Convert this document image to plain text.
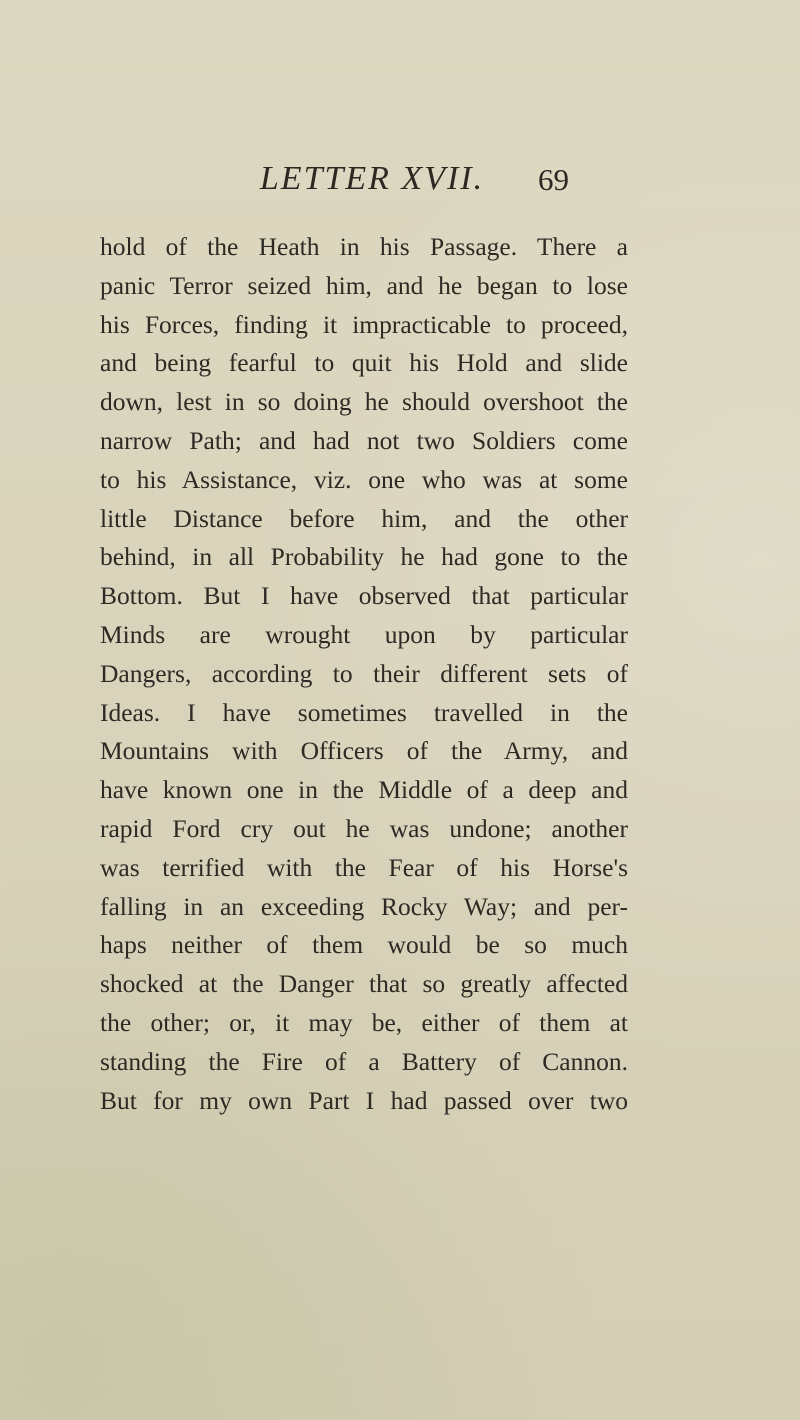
LETTER XVII. 69
hold of the Heath in his Passage. There a
panic Terror seized him, and he began to lose
his Forces, finding it impracticable to proceed,
and being fearful to quit his Hold and slide
down, lest in so doing he should overshoot the
narrow Path; and had not two Soldiers come
to his Assistance, viz. one who was at some
little Distance before him, and the other
behind, in all Probability he had gone to the
Bottom. But I have observed that particular
Minds are wrought upon by particular
Dangers, according to their different sets of
Ideas. I have sometimes travelled in the
Mountains with Officers of the Army, and
have known one in the Middle of a deep and
rapid Ford cry out he was undone; another
was terrified with the Fear of his Horse's
falling in an exceeding Rocky Way; and per-
haps neither of them would be so much
shocked at the Danger that so greatly affected
the other; or, it may be, either of them at
standing the Fire of a Battery of Cannon.
But for my own Part I had passed over two
